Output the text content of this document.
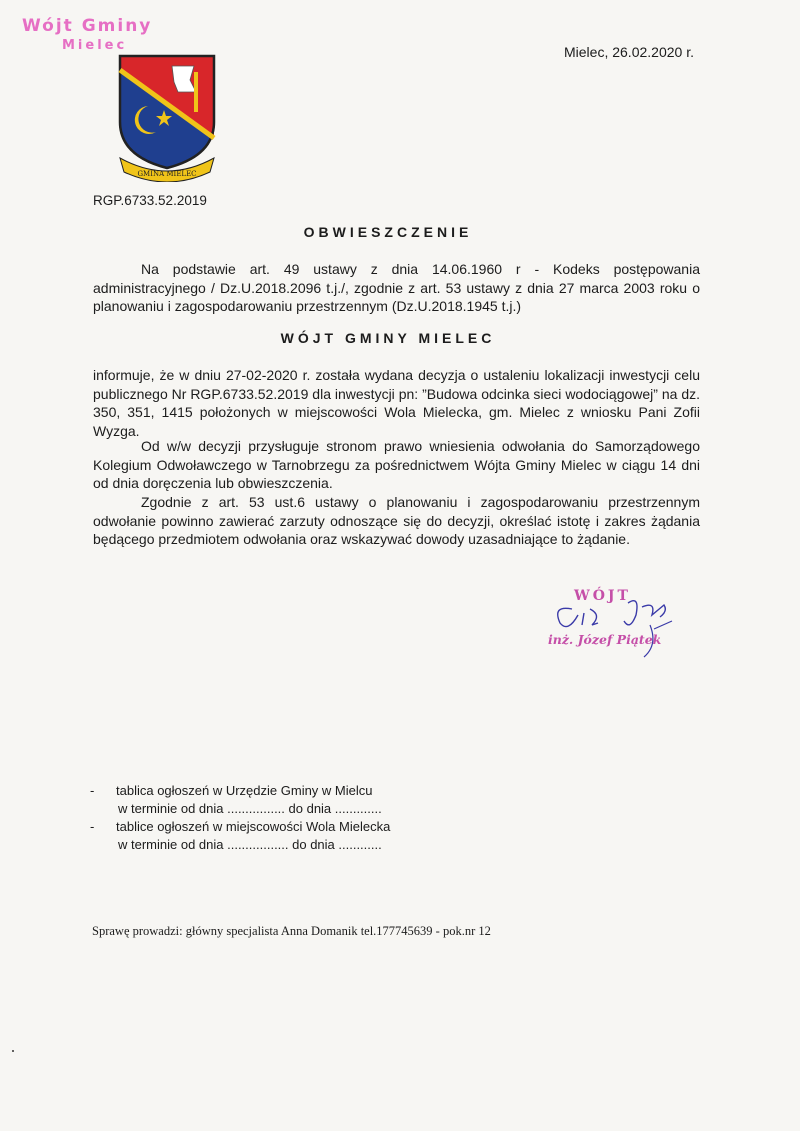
Wójt Gminy
Mielec
GMINA MIELEC
Mielec, 26.02.2020 r.
RGP.6733.52.2019
OBWIESZCZENIE

Na podstawie art. 49 ustawy z dnia 14.06.1960 r - Kodeks postępowania administracyjnego / Dz.U.2018.2096 t.j./, zgodnie z art. 53 ustawy z dnia 27 marca 2003 roku o planowaniu i zagospodarowaniu przestrzennym (Dz.U.2018.1945 t.j.)

WÓJT GMINY MIELEC

informuje, że w dniu 27-02-2020 r. została wydana decyzja o ustaleniu lokalizacji inwestycji celu publicznego Nr RGP.6733.52.2019 dla inwestycji pn: ”Budowa odcinka sieci wodociągowej” na dz. 350, 351, 1415 położonych w miejscowości Wola Mielecka, gm. Mielec z wniosku Pani Zofii Wyzga.

Od w/w decyzji przysługuje stronom prawo wniesienia odwołania do Samorządowego Kolegium Odwoławczego w Tarnobrzegu za pośrednictwem Wójta Gminy Mielec w ciągu 14 dni od dnia doręczenia lub obwieszczenia.

Zgodnie z art. 53 ust.6 ustawy o planowaniu i zagospodarowaniu przestrzennym odwołanie powinno zawierać zarzuty odnoszące się do decyzji, określać istotę i zakres żądania będącego przedmiotem odwołania oraz wskazywać dowody uzasadniające to żądanie.

WÓJT
inż. Józef Piątek
-	tablica ogłoszeń w Urzędzie Gminy w Mielcu
w terminie od dnia ................ do dnia .............
-	tablice ogłoszeń w miejscowości Wola Mielecka
w terminie od dnia ................. do dnia ............
Sprawę prowadzi: główny specjalista Anna Domanik tel.177745639 - pok.nr 12
